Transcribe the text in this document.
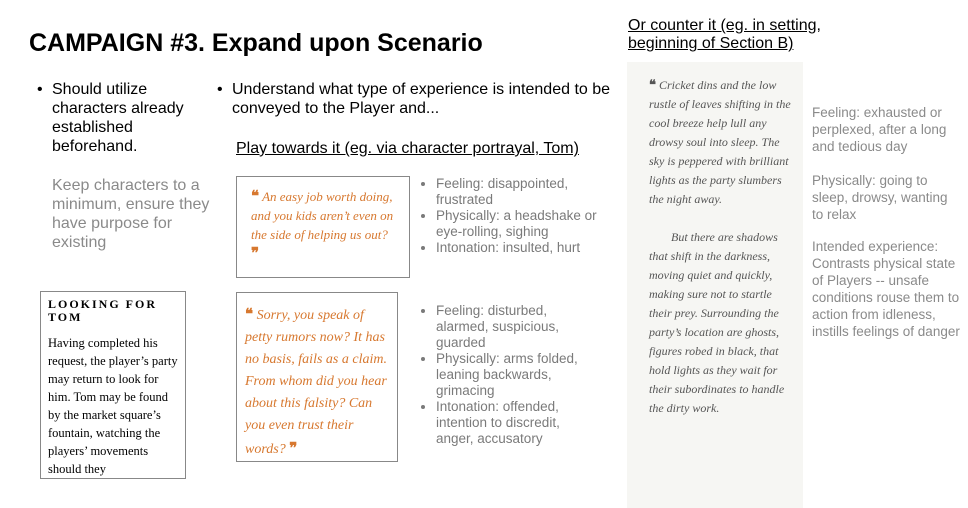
CAMPAIGN #3. Expand upon Scenario
• Should utilize characters already established beforehand.
• Understand what type of experience is intended to be conveyed to the Player and...
Keep characters to a minimum, ensure they have purpose for existing
Play towards it (eg. via character portrayal, Tom)
Or counter it (eg. in setting, beginning of Section B)
LOOKING FOR TOM
Having completed his request, the player’s party may return to look for him. Tom may be found by the market square’s fountain, watching the players’ movements should they
❝ An easy job worth doing, and you kids aren’t even on the side of helping us out? ❞
❝ Sorry, you speak of petty rumors now? It has no basis, fails as a claim. From whom did you hear about this falsity? Can you even trust their words? ❞
• Feeling: disappointed, frustrated
• Physically: a headshake or eye-rolling, sighing
• Intonation: insulted, hurt
• Feeling: disturbed, alarmed, suspicious, guarded
• Physically: arms folded, leaning backwards, grimacing
• Intonation: offended, intention to discredit, anger, accusatory
❝ Cricket dins and the low rustle of leaves shifting in the cool breeze help lull any drowsy soul into sleep. The sky is peppered with brilliant lights as the party slumbers the night away.
But there are shadows that shift in the darkness, moving quiet and quickly, making sure not to startle their prey. Surrounding the party’s location are ghosts, figures robed in black, that hold lights as they wait for their subordinates to handle the dirty work.
Feeling: exhausted or perplexed, after a long and tedious day
Physically: going to sleep, drowsy, wanting to relax
Intended experience: Contrasts physical state of Players -- unsafe conditions rouse them to action from idleness, instills feelings of danger
